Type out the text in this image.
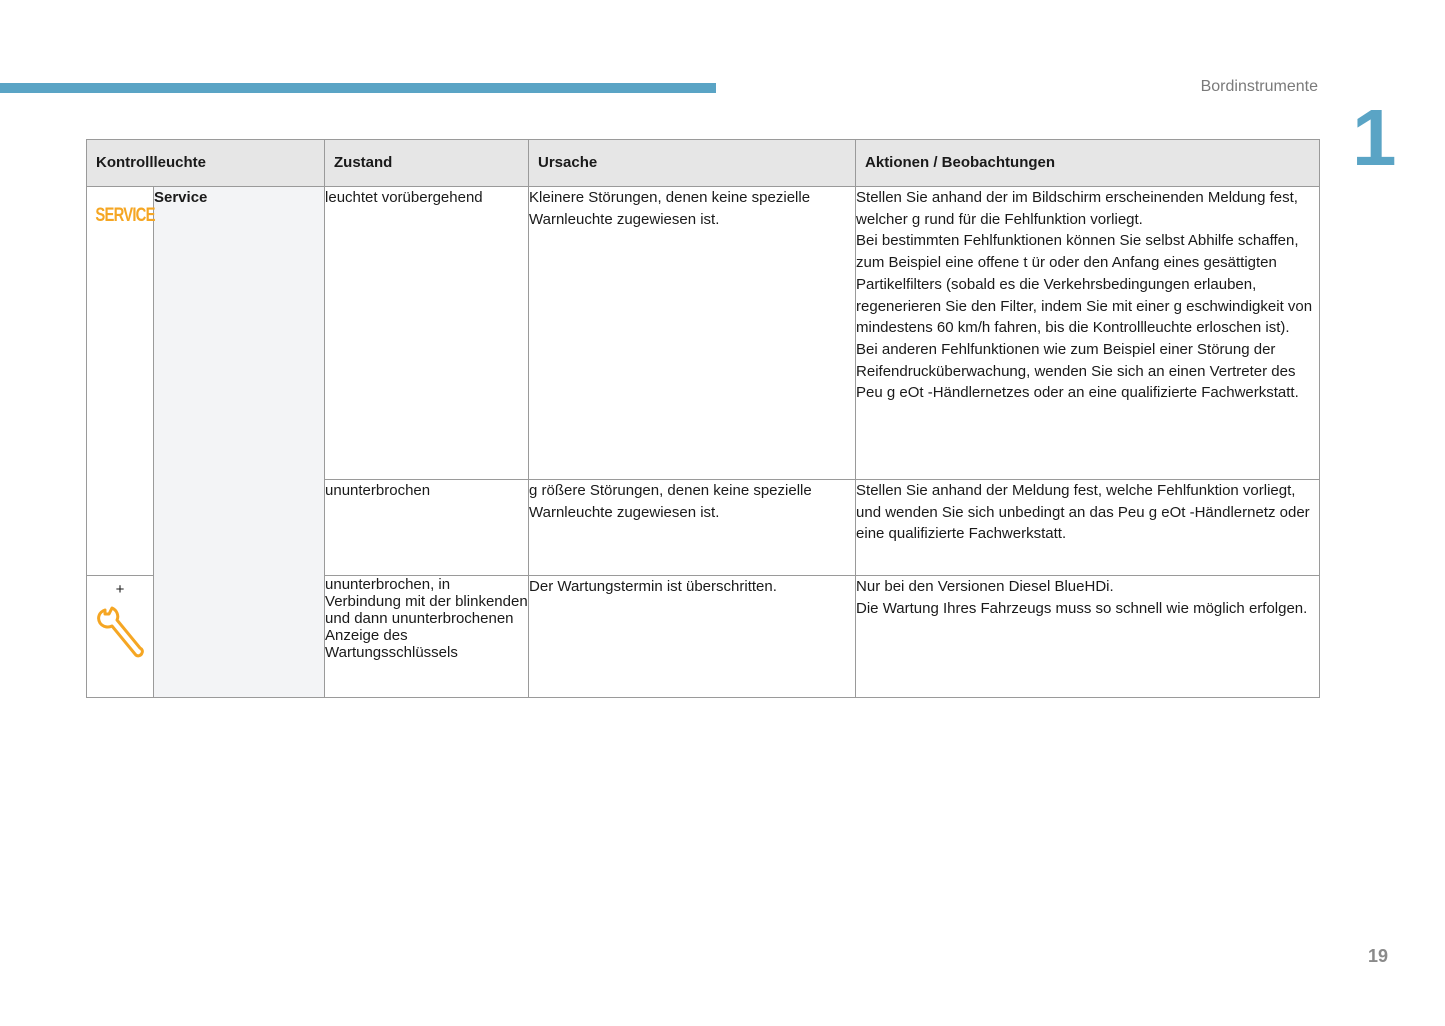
Bordinstrumente
1
Kontrollleuchte		Zustand	Ursache	Aktionen / Beobachtungen
SERVICE	Service	leuchtet vorübergehend	Kleinere Störungen, denen keine spezielle Warnleuchte zugewiesen ist.	Stellen Sie anhand der im Bildschirm erscheinenden Meldung fest, welcher g rund für die Fehlfunktion vorliegt.
Bei bestimmten Fehlfunktionen können Sie selbst Abhilfe schaffen, zum Beispiel eine offene t ür oder den Anfang eines gesättigten Partikelfilters (sobald es die Verkehrsbedingungen erlauben, regenerieren Sie den Filter, indem Sie mit einer g eschwindigkeit von mindestens 60 km/h fahren, bis die Kontrollleuchte erloschen ist).
Bei anderen Fehlfunktionen wie zum Beispiel einer Störung der Reifendrucküberwachung, wenden Sie sich an einen Vertreter des Peu g eOt -Händlernetzes oder an eine qualifizierte Fachwerkstatt.

		ununterbrochen	g rößere Störungen, denen keine spezielle Warnleuchte zugewiesen ist.	Stellen Sie anhand der Meldung fest, welche Fehlfunktion vorliegt, und wenden Sie sich unbedingt an das Peu g eOt -Händlernetz oder eine qualifizierte Fachwerkstatt.

+		ununterbrochen, in Verbindung mit der blinkenden und dann ununterbrochenen Anzeige des Wartungsschlüssels	Der Wartungstermin ist überschritten.	Nur bei den Versionen Diesel BlueHDi.
Die Wartung Ihres Fahrzeugs muss so schnell wie möglich erfolgen.
19
